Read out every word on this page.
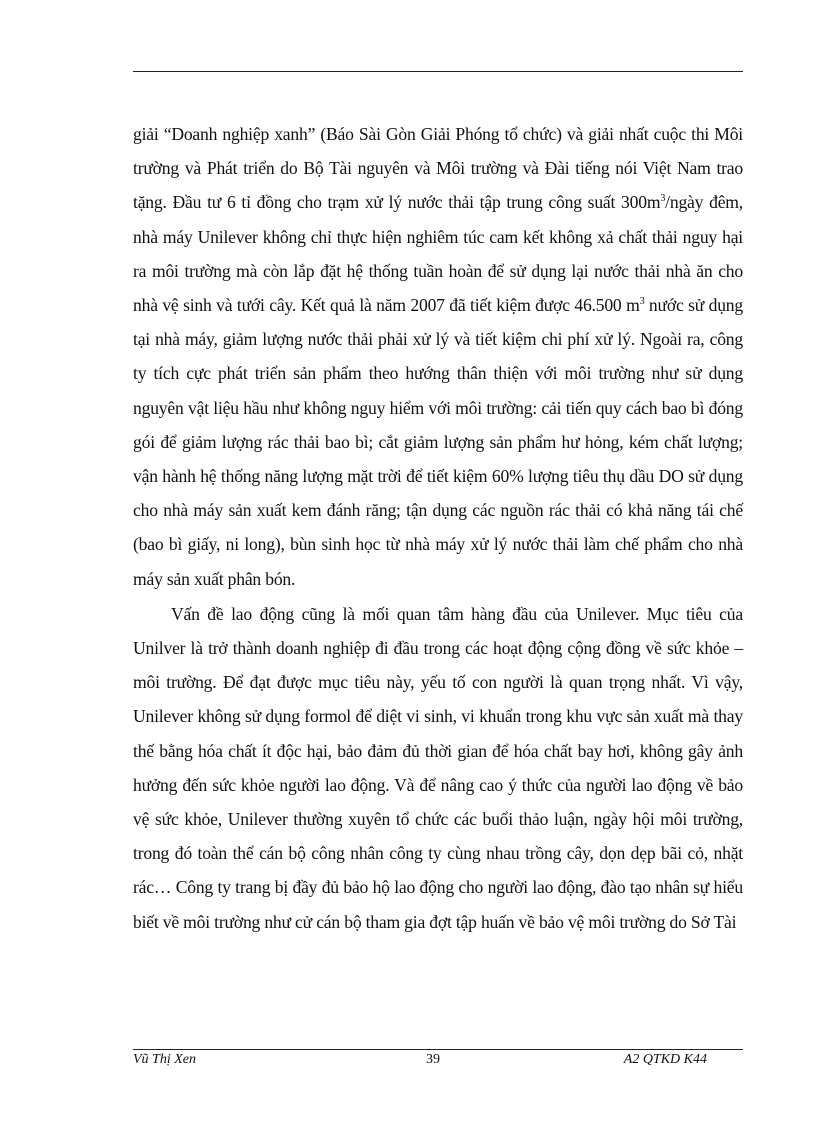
giải “Doanh nghiệp xanh” (Báo Sài Gòn Giải Phóng tổ chức) và giải nhất cuộc thi Môi trường và Phát triển do Bộ Tài nguyên và Môi trường và Đài tiếng nói Việt Nam trao tặng. Đầu tư 6 tỉ đồng cho trạm xử lý nước thải tập trung công suất $300m^3$/ngày đêm, nhà máy Unilever không chỉ thực hiện nghiêm túc cam kết không xả chất thải nguy hại ra môi trường mà còn lắp đặt hệ thống tuần hoàn để sử dụng lại nước thải nhà ăn cho nhà vệ sinh và tưới cây. Kết quả là năm 2007 đã tiết kiệm được 46.500 $m^3$ nước sử dụng tại nhà máy, giảm lượng nước thải phải xử lý và tiết kiệm chi phí xử lý. Ngoài ra, công ty tích cực phát triển sản phẩm theo hướng thân thiện với môi trường như sử dụng nguyên vật liệu hầu như không nguy hiểm với môi trường: cải tiến quy cách bao bì đóng gói để giảm lượng rác thải bao bì; cắt giảm lượng sản phẩm hư hỏng, kém chất lượng; vận hành hệ thống năng lượng mặt trời để tiết kiệm 60% lượng tiêu thụ dầu DO sử dụng cho nhà máy sản xuất kem đánh răng; tận dụng các nguồn rác thải có khả năng tái chế (bao bì giấy, ni long), bùn sinh học từ nhà máy xử lý nước thải làm chế phẩm cho nhà máy sản xuất phân bón.

Vấn đề lao động cũng là mối quan tâm hàng đầu của Unilever. Mục tiêu của Unilver là trở thành doanh nghiệp đi đầu trong các hoạt động cộng đồng về sức khỏe – môi trường. Để đạt được mục tiêu này, yếu tố con người là quan trọng nhất. Vì vậy, Unilever không sử dụng formol để diệt vi sinh, vi khuẩn trong khu vực sản xuất mà thay thế bằng hóa chất ít độc hại, bảo đảm đủ thời gian để hóa chất bay hơi, không gây ảnh hưởng đến sức khỏe người lao động. Và để nâng cao ý thức của người lao động về bảo vệ sức khỏe, Unilever thường xuyên tổ chức các buổi thảo luận, ngày hội môi trường, trong đó toàn thể cán bộ công nhân công ty cùng nhau trồng cây, dọn dẹp bãi cỏ, nhặt rác… Công ty trang bị đầy đủ bảo hộ lao động cho người lao động, đào tạo nhân sự hiểu biết về môi trường như cử cán bộ tham gia đợt tập huấn về bảo vệ môi trường do Sở Tài

Vũ Thị Xen	39	A2 QTKD K44
